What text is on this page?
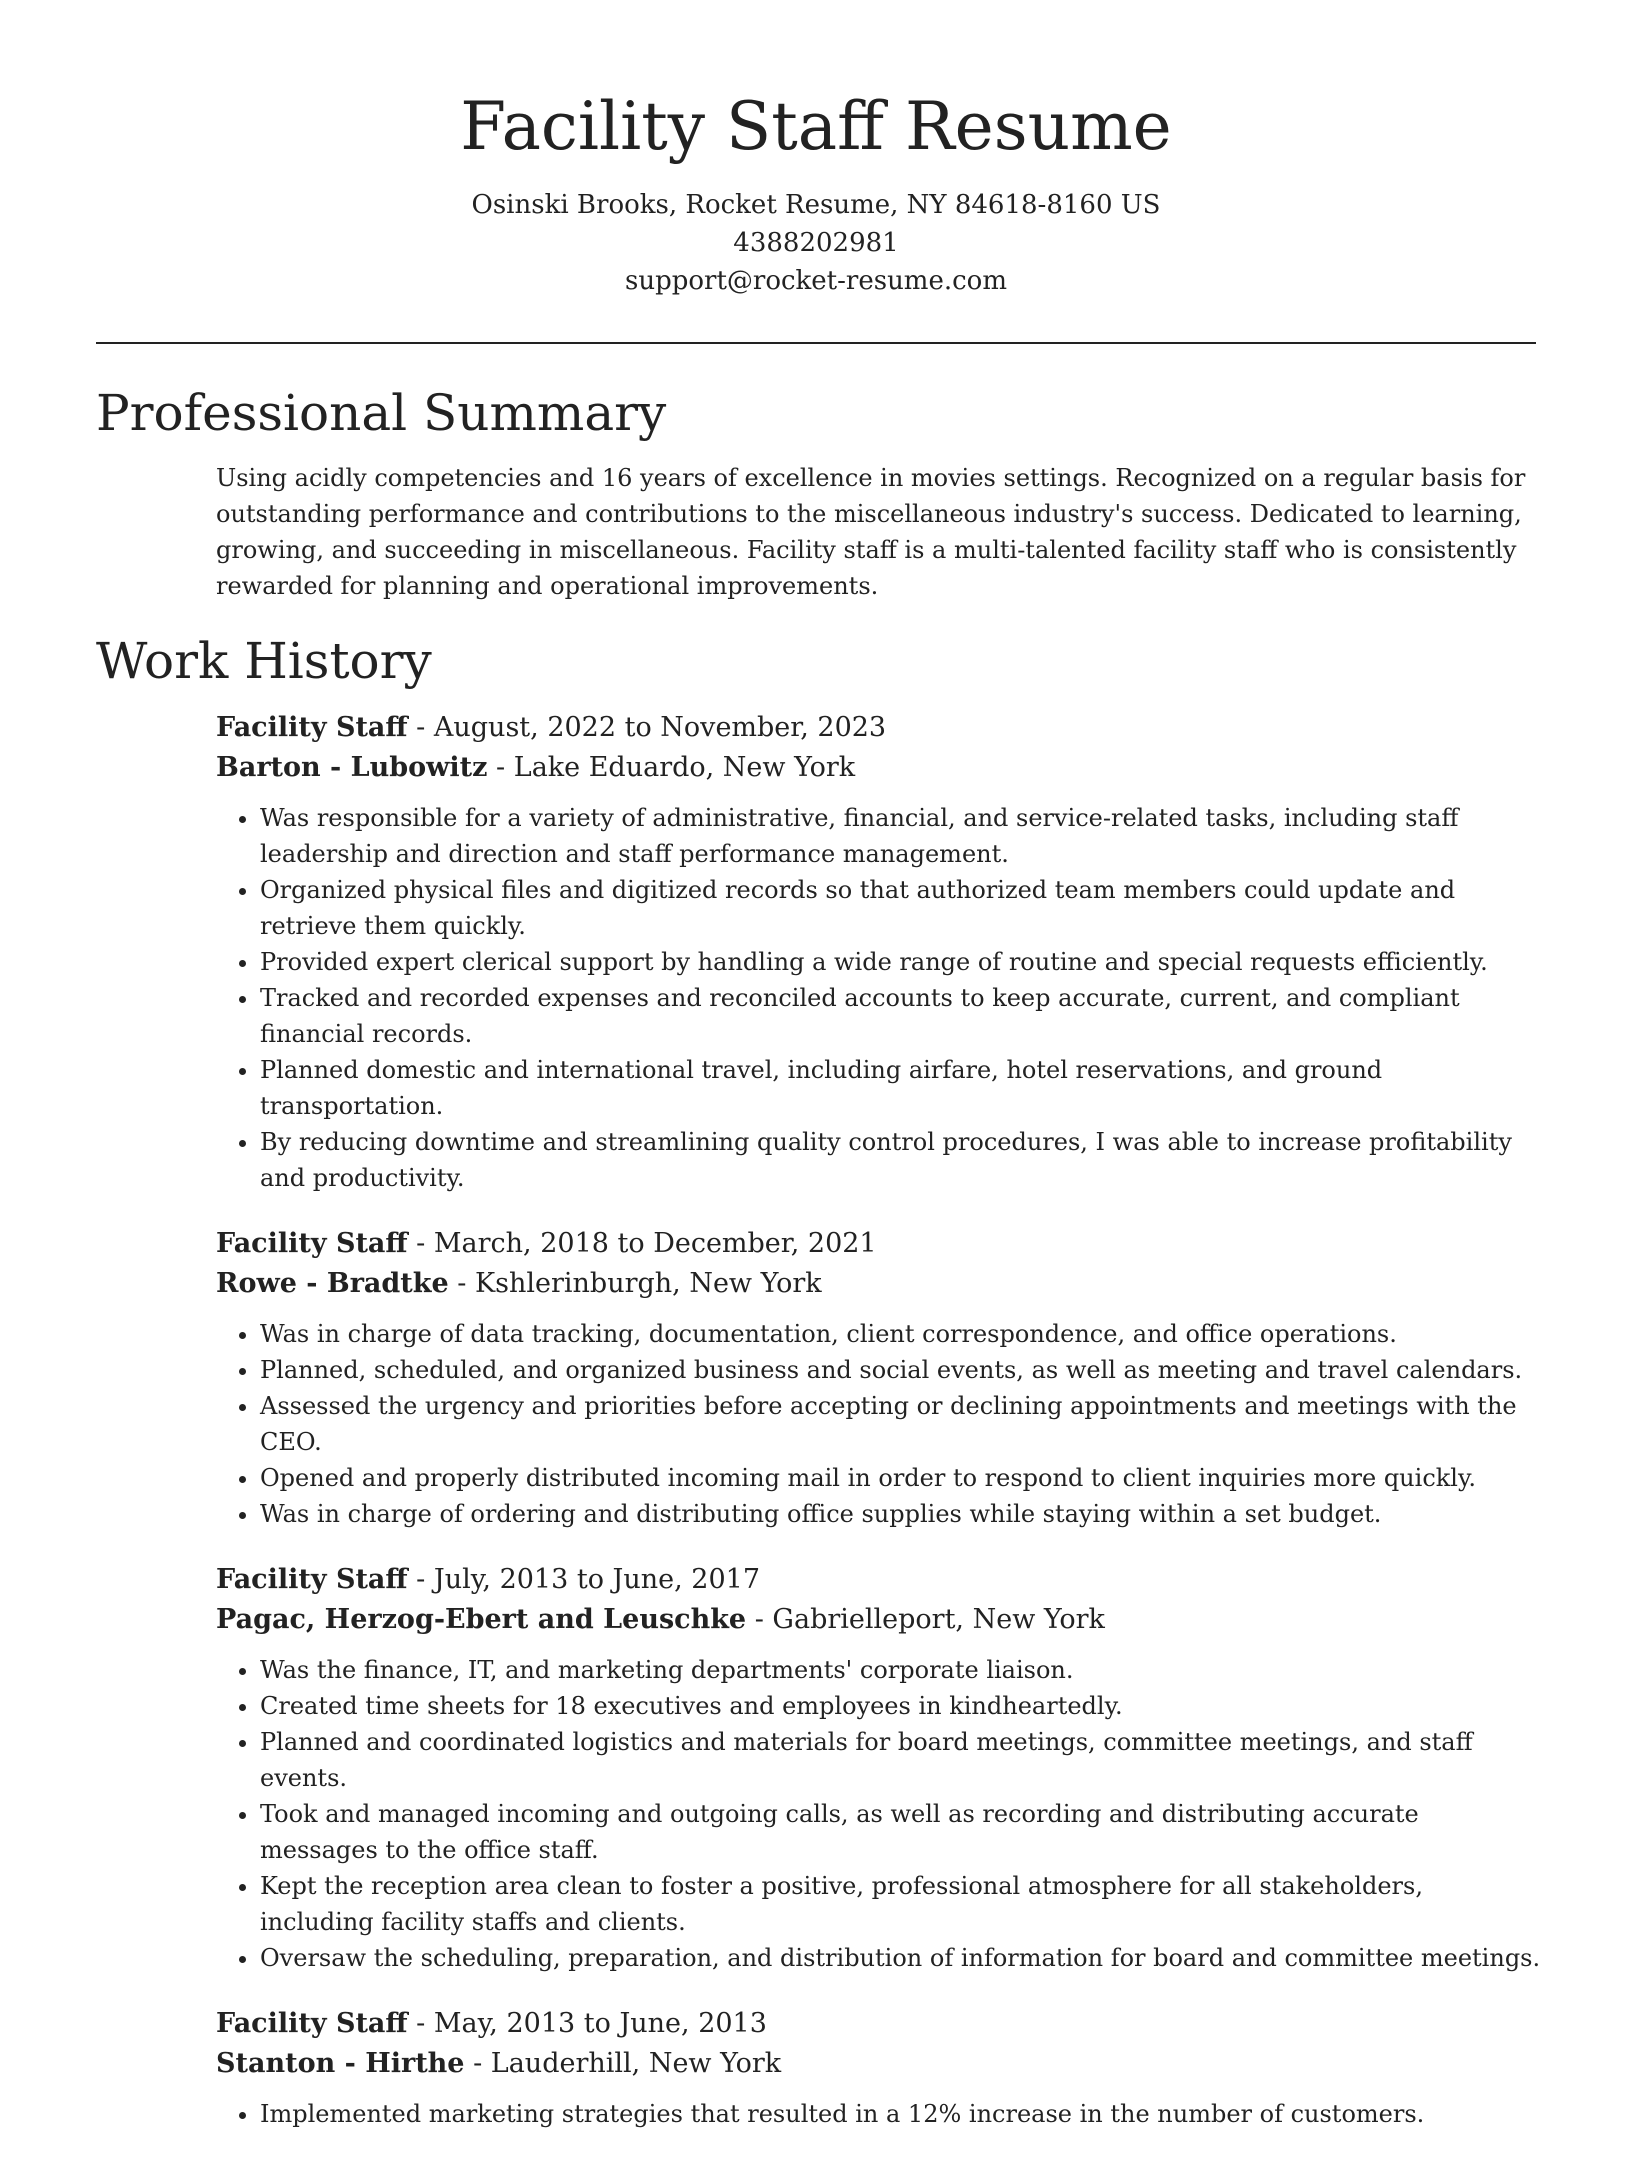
Facility Staff Resume

Osinski Brooks, Rocket Resume, NY 84618-8160 US

4388202981

support@rocket-resume.com

Professional Summary

Using acidly competencies and 16 years of excellence in movies settings. Recognized on a regular basis for outstanding performance and contributions to the miscellaneous industry's success. Dedicated to learning, growing, and succeeding in miscellaneous. Facility staff is a multi-talented facility staff who is consistently rewarded for planning and operational improvements.

Work History

Facility Staff - August, 2022 to November, 2023

Barton - Lubowitz - Lake Eduardo, New York

• Was responsible for a variety of administrative, financial, and service-related tasks, including staff leadership and direction and staff performance management.
• Organized physical files and digitized records so that authorized team members could update and retrieve them quickly.
• Provided expert clerical support by handling a wide range of routine and special requests efficiently.
• Tracked and recorded expenses and reconciled accounts to keep accurate, current, and compliant financial records.
• Planned domestic and international travel, including airfare, hotel reservations, and ground transportation.
• By reducing downtime and streamlining quality control procedures, I was able to increase profitability and productivity.

Facility Staff - March, 2018 to December, 2021

Rowe - Bradtke - Kshlerinburgh, New York

• Was in charge of data tracking, documentation, client correspondence, and office operations.
• Planned, scheduled, and organized business and social events, as well as meeting and travel calendars.
• Assessed the urgency and priorities before accepting or declining appointments and meetings with the CEO.
• Opened and properly distributed incoming mail in order to respond to client inquiries more quickly.
• Was in charge of ordering and distributing office supplies while staying within a set budget.

Facility Staff - July, 2013 to June, 2017

Pagac, Herzog-Ebert and Leuschke - Gabrielleport, New York

• Was the finance, IT, and marketing departments' corporate liaison.
• Created time sheets for 18 executives and employees in kindheartedly.
• Planned and coordinated logistics and materials for board meetings, committee meetings, and staff events.
• Took and managed incoming and outgoing calls, as well as recording and distributing accurate messages to the office staff.
• Kept the reception area clean to foster a positive, professional atmosphere for all stakeholders, including facility staffs and clients.
• Oversaw the scheduling, preparation, and distribution of information for board and committee meetings.

Facility Staff - May, 2013 to June, 2013

Stanton - Hirthe - Lauderhill, New York

• Implemented marketing strategies that resulted in a 12% increase in the number of customers.
